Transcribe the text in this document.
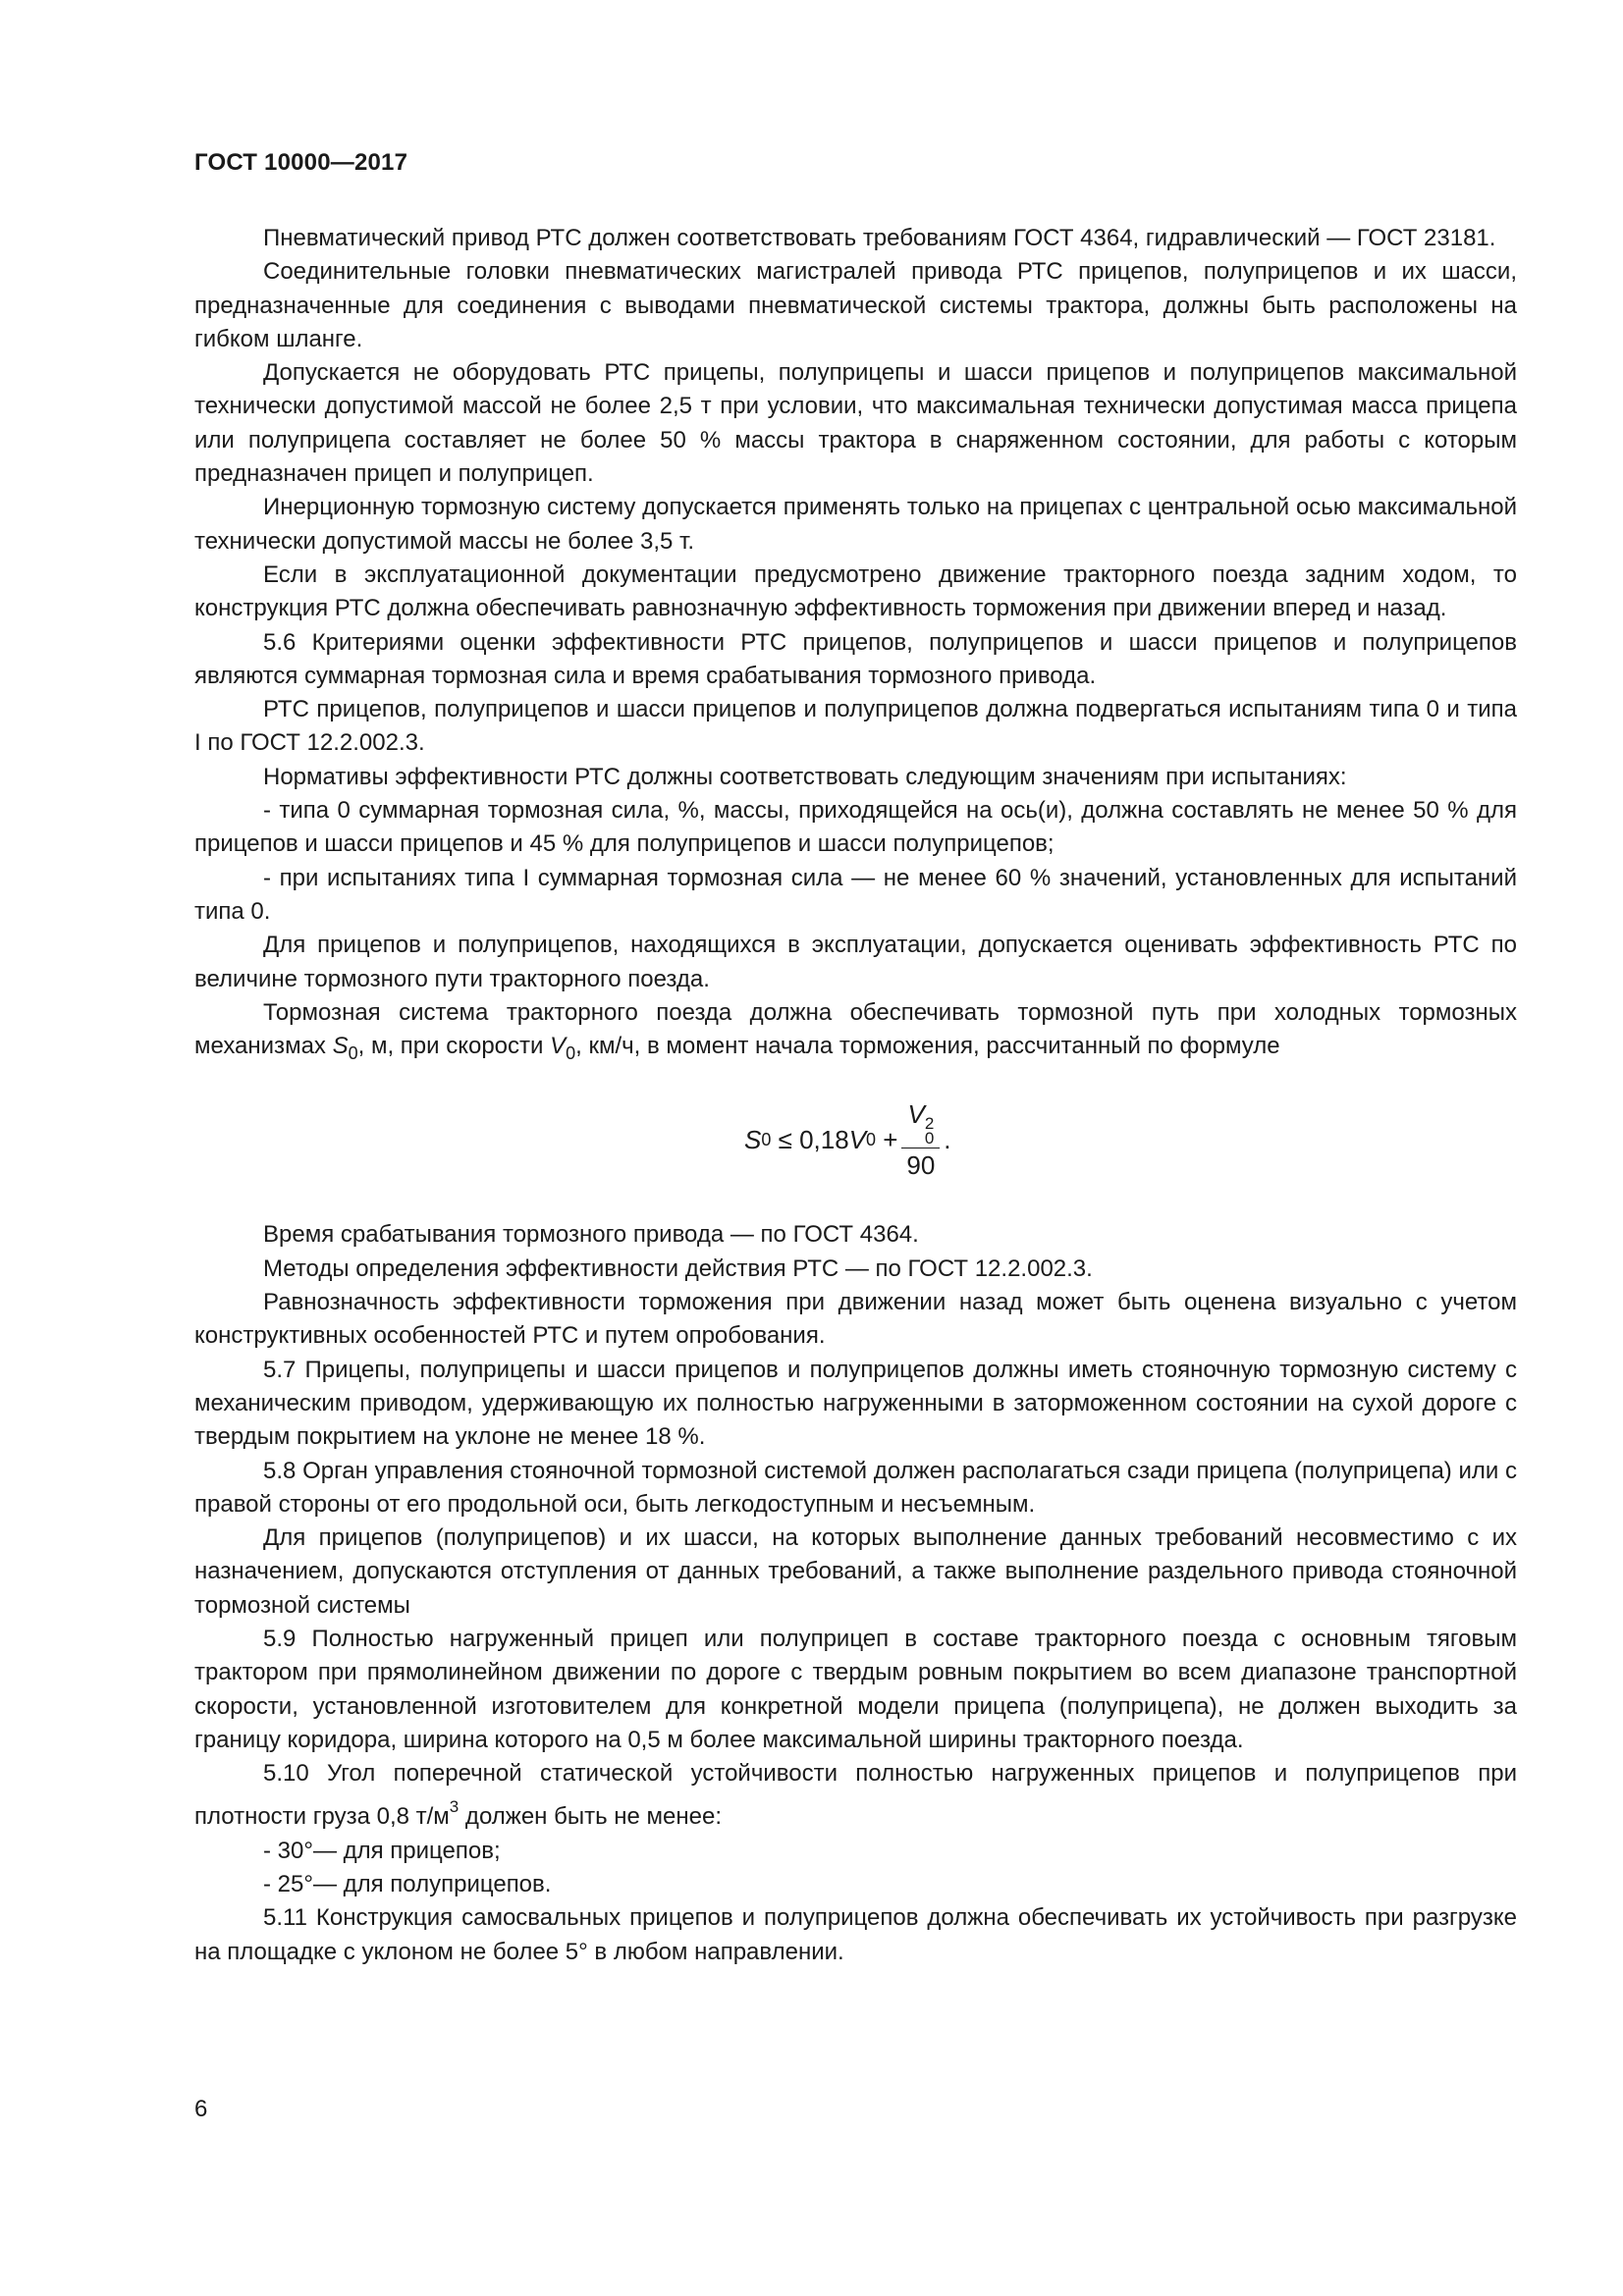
ГОСТ 10000—2017

Пневматический привод РТС должен соответствовать требованиям ГОСТ 4364, гидравлический — ГОСТ 23181.

Соединительные головки пневматических магистралей привода РТС прицепов, полуприцепов и их шасси, предназначенные для соединения с выводами пневматической системы трактора, должны быть расположены на гибком шланге.

Допускается не оборудовать РТС прицепы, полуприцепы и шасси прицепов и полуприцепов максимальной технически допустимой массой не более 2,5 т при условии, что максимальная технически допустимая масса прицепа или полуприцепа составляет не более 50 % массы трактора в снаряженном состоянии, для работы с которым предназначен прицеп и полуприцеп.

Инерционную тормозную систему допускается применять только на прицепах с центральной осью максимальной технически допустимой массы не более 3,5 т.

Если в эксплуатационной документации предусмотрено движение тракторного поезда задним ходом, то конструкция РТС должна обеспечивать равнозначную эффективность торможения при движении вперед и назад.

5.6 Критериями оценки эффективности РТС прицепов, полуприцепов и шасси прицепов и полуприцепов являются суммарная тормозная сила и время срабатывания тормозного привода.

РТС прицепов, полуприцепов и шасси прицепов и полуприцепов должна подвергаться испытаниям типа 0 и типа I по ГОСТ 12.2.002.3.

Нормативы эффективности РТС должны соответствовать следующим значениям при испытаниях:

- типа 0 суммарная тормозная сила, %, массы, приходящейся на ось(и), должна составлять не менее 50 % для прицепов и шасси прицепов и 45 % для полуприцепов и шасси полуприцепов;

- при испытаниях типа I суммарная тормозная сила — не менее 60 % значений, установленных для испытаний типа 0.

Для прицепов и полуприцепов, находящихся в эксплуатации, допускается оценивать эффективность РТС по величине тормозного пути тракторного поезда.

Тормозная система тракторного поезда должна обеспечивать тормозной путь при холодных тормозных механизмах $S_0$, м, при скорости $V_0$, км/ч, в момент начала торможения, рассчитанный по формуле

S 0 ≤ 0,18 V 0 + V 2
0
90 .

Время срабатывания тормозного привода — по ГОСТ 4364.

Методы определения эффективности действия РТС — по ГОСТ 12.2.002.3.

Равнозначность эффективности торможения при движении назад может быть оценена визуально с учетом конструктивных особенностей РТС и путем опробования.

5.7 Прицепы, полуприцепы и шасси прицепов и полуприцепов должны иметь стояночную тормозную систему с механическим приводом, удерживающую их полностью нагруженными в заторможенном состоянии на сухой дороге с твердым покрытием на уклоне не менее 18 %.

5.8 Орган управления стояночной тормозной системой должен располагаться сзади прицепа (полуприцепа) или с правой стороны от его продольной оси, быть легкодоступным и несъемным.

Для прицепов (полуприцепов) и их шасси, на которых выполнение данных требований несовместимо с их назначением, допускаются отступления от данных требований, а также выполнение раздельного привода стояночной тормозной системы

5.9 Полностью нагруженный прицеп или полуприцеп в составе тракторного поезда с основным тяговым трактором при прямолинейном движении по дороге с твердым ровным покрытием во всем диапазоне транспортной скорости, установленной изготовителем для конкретной модели прицепа (полуприцепа), не должен выходить за границу коридора, ширина которого на 0,5 м более максимальной ширины тракторного поезда.

5.10 Угол поперечной статической устойчивости полностью нагруженных прицепов и полуприцепов при плотности груза 0,8 $т/м^3$ должен быть не менее:

- 30°— для прицепов;

- 25°— для полуприцепов.

5.11 Конструкция самосвальных прицепов и полуприцепов должна обеспечивать их устойчивость при разгрузке на площадке с уклоном не более 5° в любом направлении.

6
